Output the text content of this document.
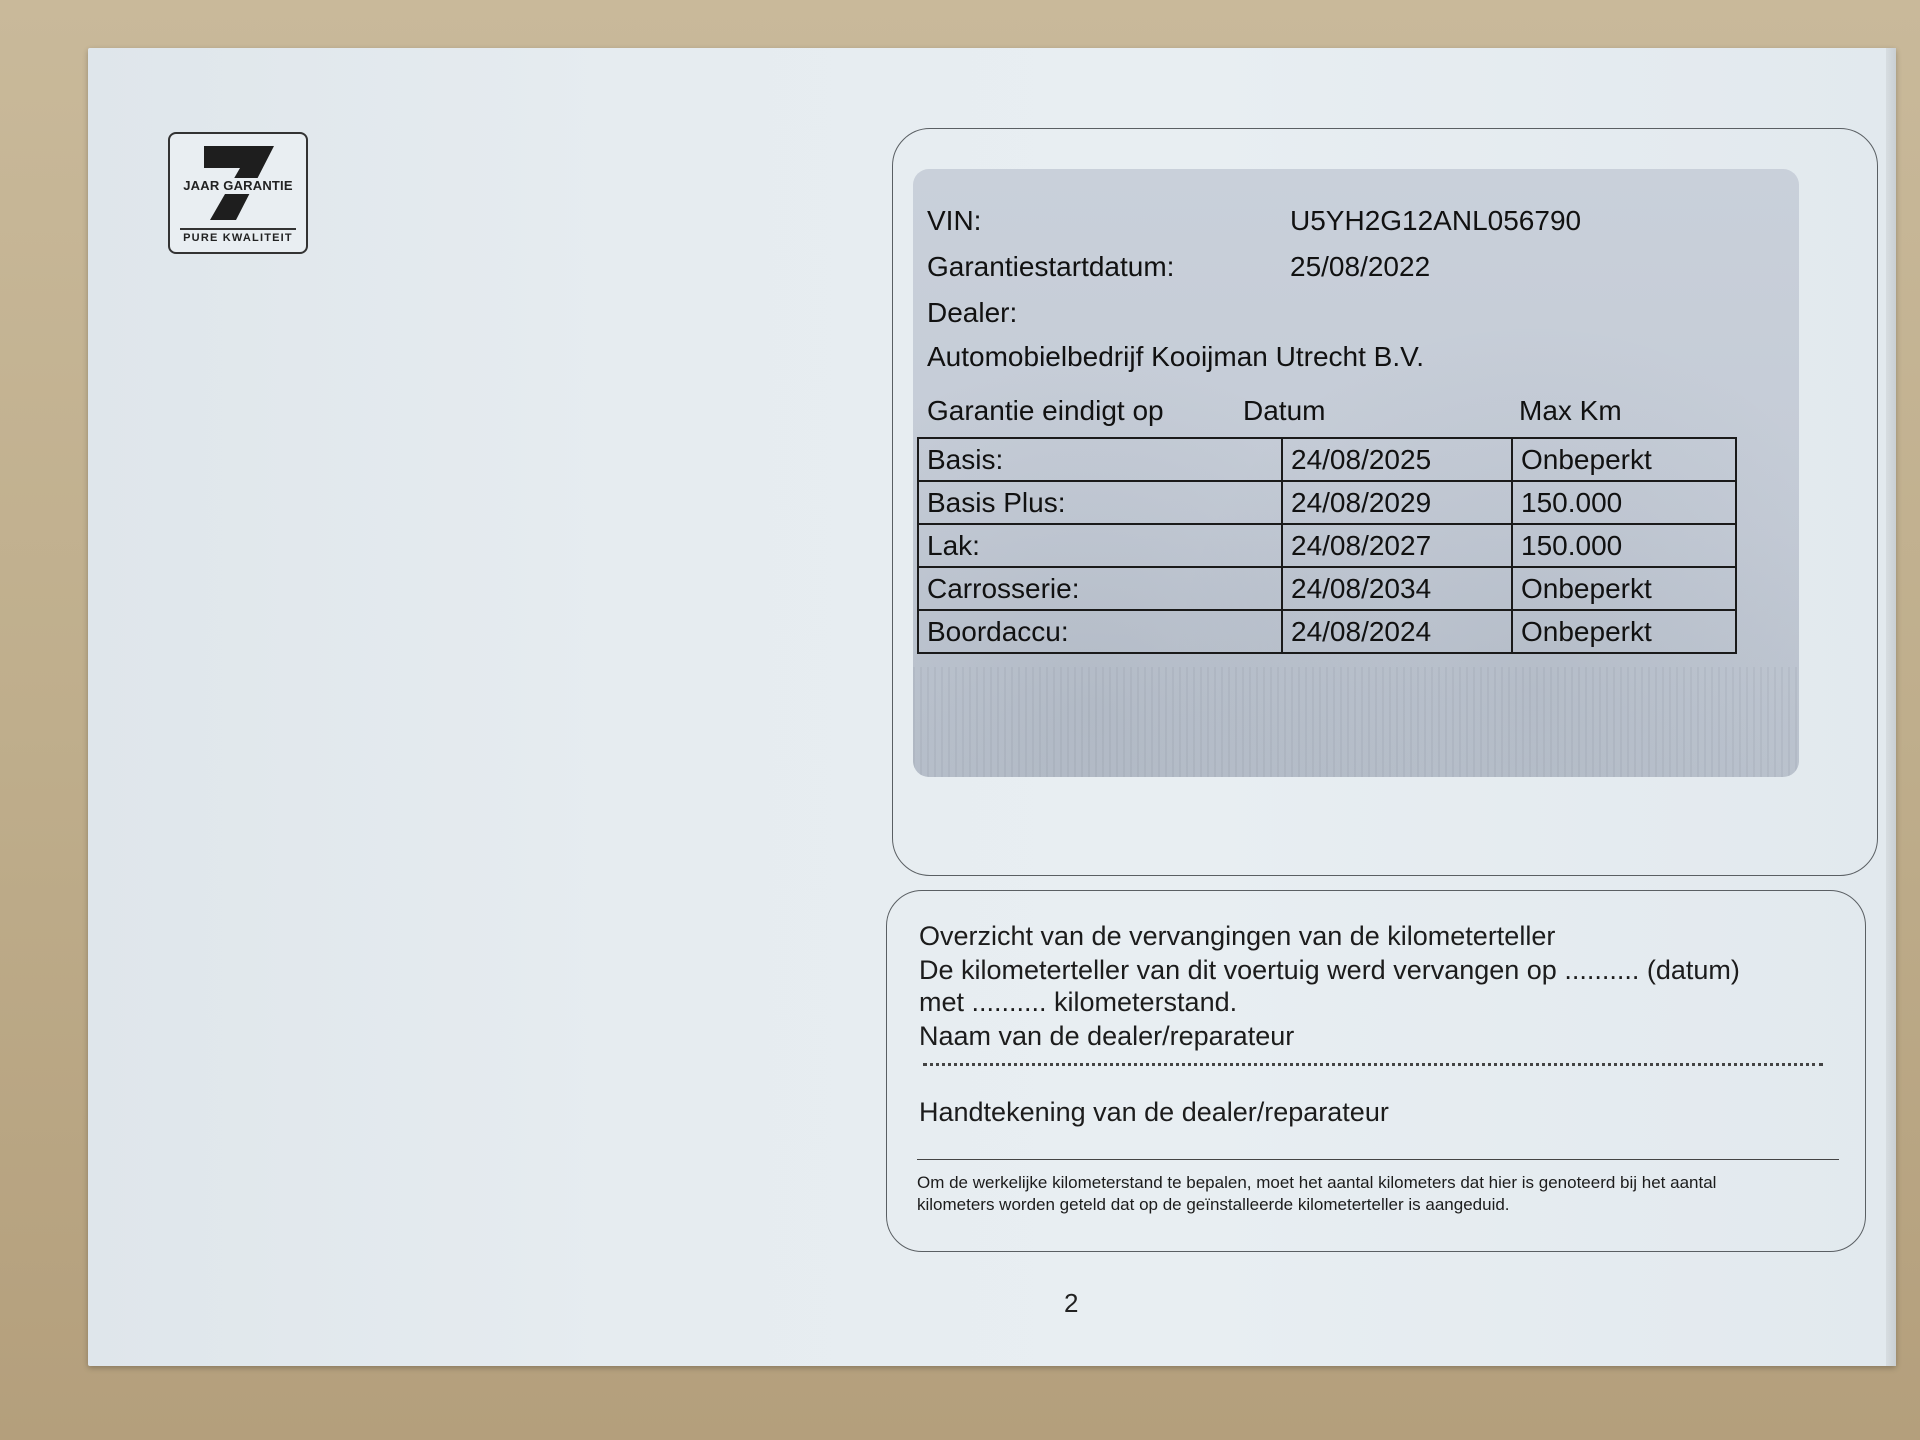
JAAR GARANTIE
PURE KWALITEIT
VIN:	U5YH2G12ANL056790
Garantiestartdatum:	25/08/2022
Dealer:
Automobielbedrijf Kooijman Utrecht B.V.
Garantie eindigt op	Datum	Max Km
Basis:	24/08/2025	Onbeperkt
Basis Plus:	24/08/2029	150.000
Lak:	24/08/2027	150.000
Carrosserie:	24/08/2034	Onbeperkt
Boordaccu:	24/08/2024	Onbeperkt
Overzicht van de vervangingen van de kilometerteller
De kilometerteller van dit voertuig werd vervangen op .......... (datum)
met .......... kilometerstand.
Naam van de dealer/reparateur
Handtekening van de dealer/reparateur
Om de werkelijke kilometerstand te bepalen, moet het aantal kilometers dat hier is genoteerd bij het aantal
kilometers worden geteld dat op de geïnstalleerde kilometerteller is aangeduid.
2
